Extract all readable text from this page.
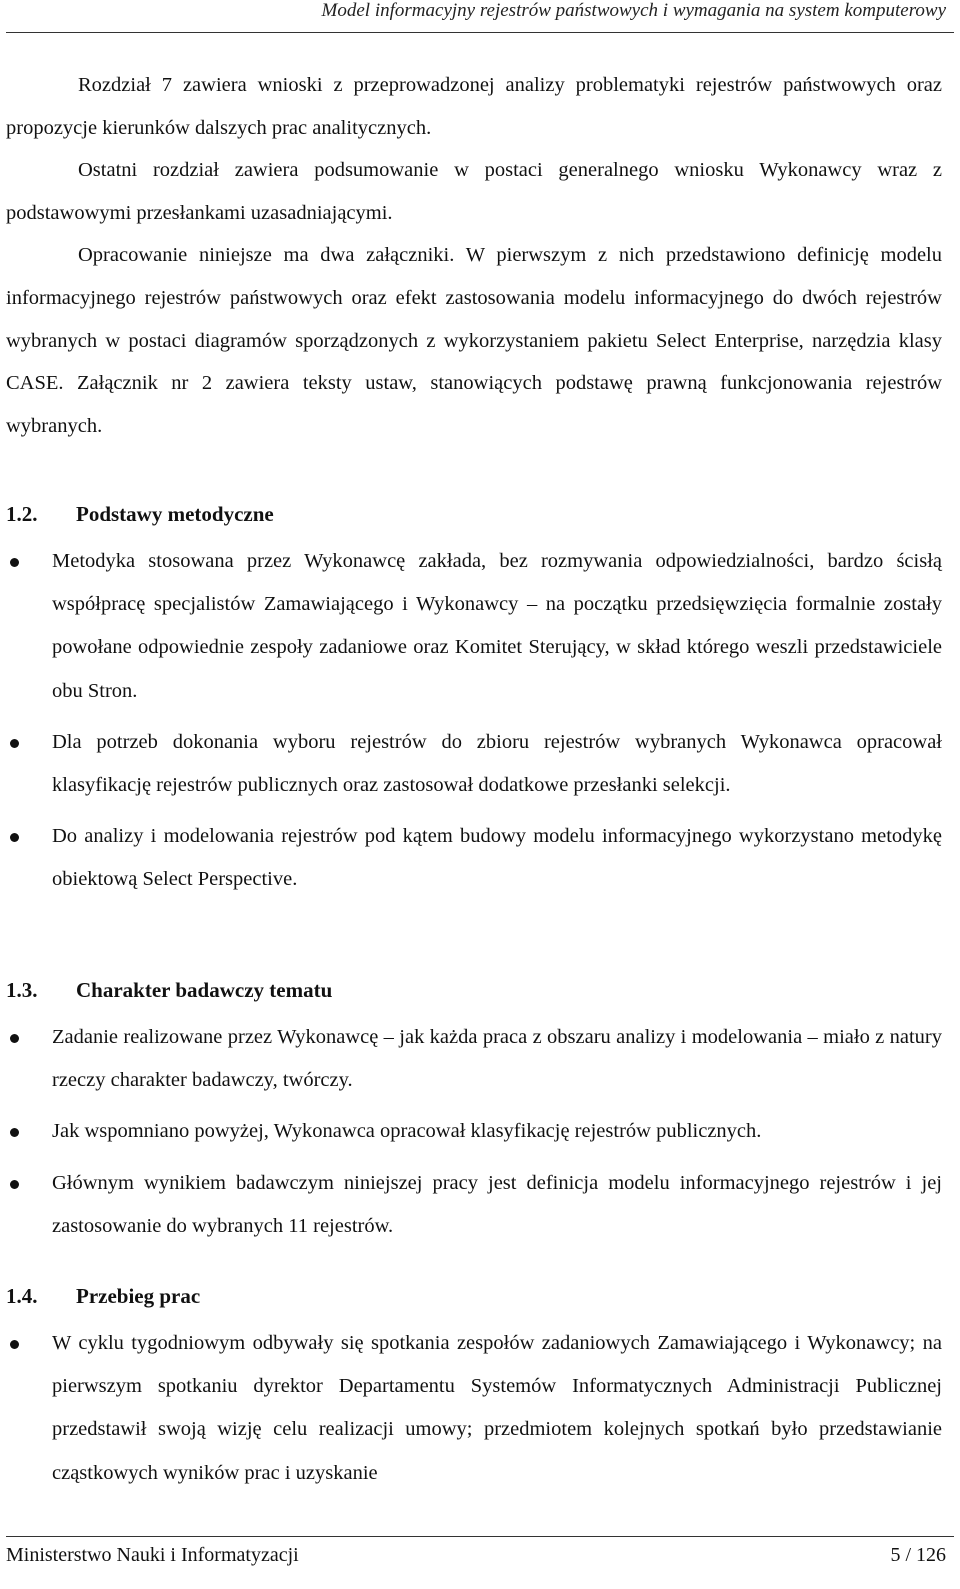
Model informacyjny rejestrów państwowych i wymagania na system komputerowy

Rozdział 7 zawiera wnioski z przeprowadzonej analizy problematyki rejestrów państwowych oraz propozycje kierunków dalszych prac analitycznych.

Ostatni rozdział zawiera podsumowanie w postaci generalnego wniosku Wykonawcy wraz z podstawowymi przesłankami uzasadniającymi.

Opracowanie niniejsze ma dwa załączniki. W pierwszym z nich przedstawiono definicję modelu informacyjnego rejestrów państwowych oraz efekt zastosowania modelu informacyjnego do dwóch rejestrów wybranych w postaci diagramów sporządzonych z wykorzystaniem pakietu Select Enterprise, narzędzia klasy CASE. Załącznik nr 2 zawiera teksty ustaw, stanowiących podstawę prawną funkcjonowania rejestrów wybranych.

1.2. Podstawy metodyczne
Metodyka stosowana przez Wykonawcę zakłada, bez rozmywania odpowiedzialności, bardzo ścisłą współpracę specjalistów Zamawiającego i Wykonawcy – na początku przedsięwzięcia formalnie zostały powołane odpowiednie zespoły zadaniowe oraz Komitet Sterujący, w skład którego weszli przedstawiciele obu Stron.
Dla potrzeb dokonania wyboru rejestrów do zbioru rejestrów wybranych Wykonawca opracował klasyfikację rejestrów publicznych oraz zastosował dodatkowe przesłanki selekcji.
Do analizy i modelowania rejestrów pod kątem budowy modelu informacyjnego wykorzystano metodykę obiektową Select Perspective.
1.3. Charakter badawczy tematu
Zadanie realizowane przez Wykonawcę – jak każda praca z obszaru analizy i modelowania – miało z natury rzeczy charakter badawczy, twórczy.
Jak wspomniano powyżej, Wykonawca opracował klasyfikację rejestrów publicznych.
Głównym wynikiem badawczym niniejszej pracy jest definicja modelu informacyjnego rejestrów i jej zastosowanie do wybranych 11 rejestrów.
1.4. Przebieg prac
W cyklu tygodniowym odbywały się spotkania zespołów zadaniowych Zamawiającego i Wykonawcy; na pierwszym spotkaniu dyrektor Departamentu Systemów Informatycznych Administracji Publicznej przedstawił swoją wizję celu realizacji umowy; przedmiotem kolejnych spotkań było przedstawianie cząstkowych wyników prac i uzyskanie
Ministerstwo Nauki i Informatyzacji	5 / 126
